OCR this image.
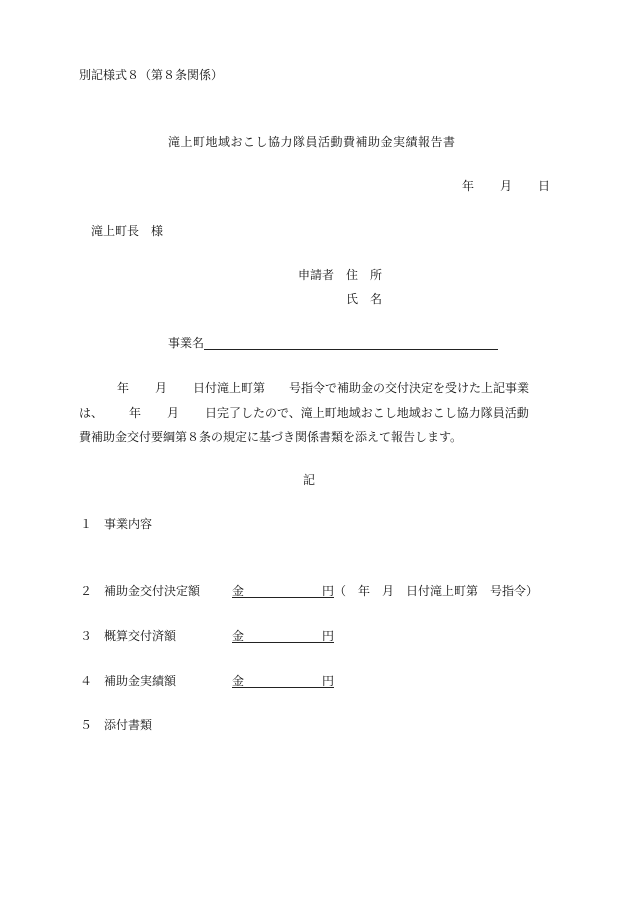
別記様式８（第８条関係）
滝上町地域おこし協力隊員活動費補助金実績報告書
年 月 日
滝上町長　様
申請者 住　所
氏　名
事業名
年 月 日付滝上町第　　号指令で補助金の交付決定を受けた上記事業
は、 年 月 日完了したので、滝上町地域おこし地域おこし協力隊員活動
費補助金交付要綱第８条の規定に基づき関係書類を添えて報告します。
記
１ 事業内容
２ 補助金交付決定額	金	円 （　年　月　日付滝上町第　号指令）
３ 概算交付済額	金	円
４ 補助金実績額	金	円
５ 添付書類
